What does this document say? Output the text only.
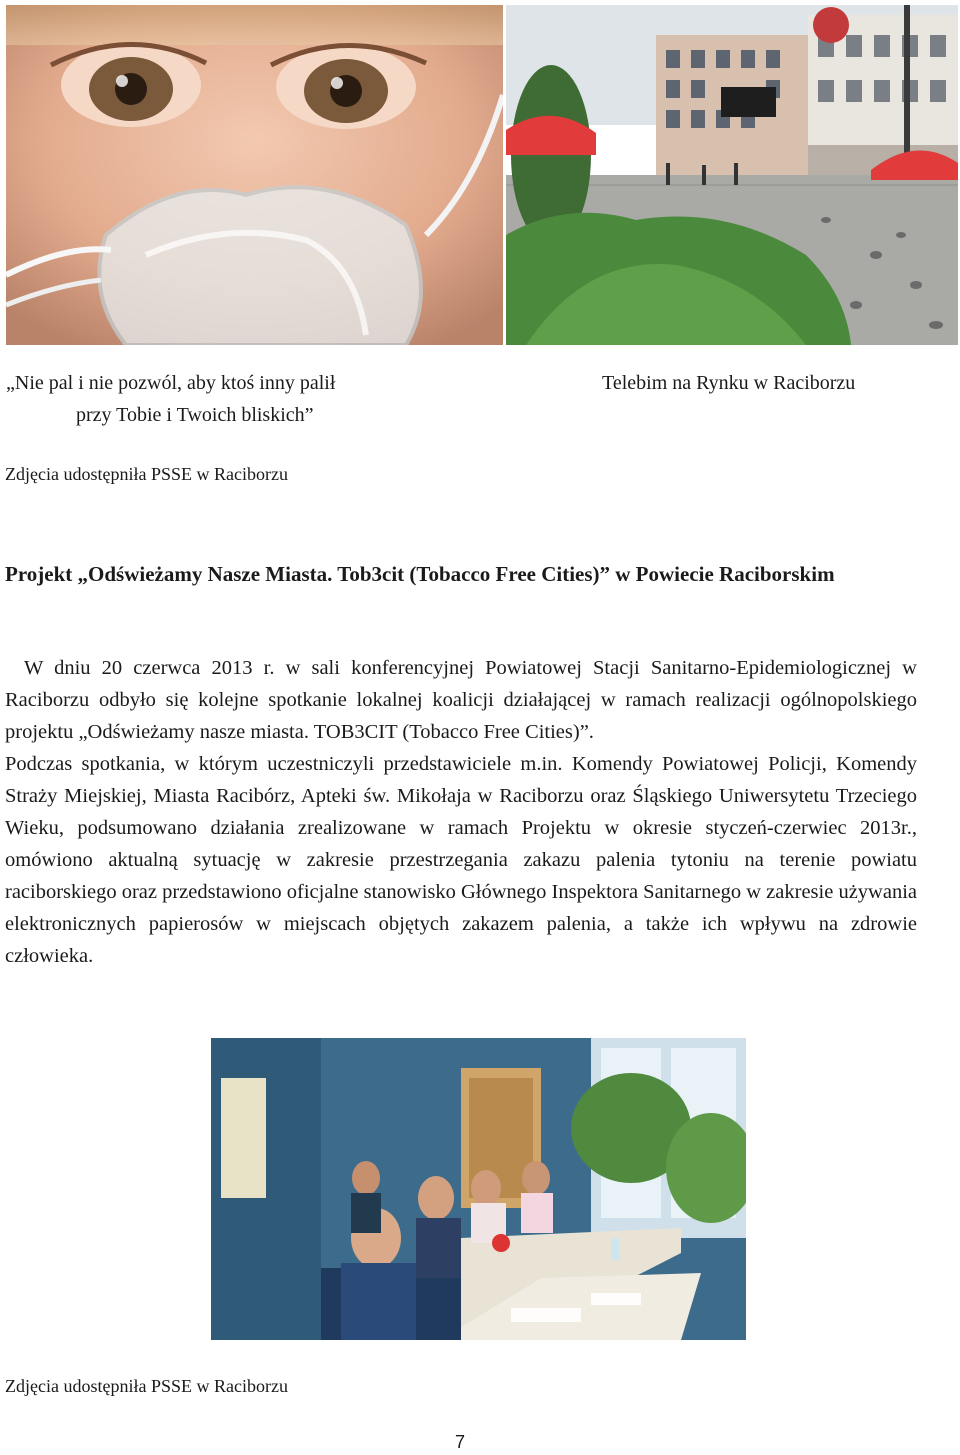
„Nie pal i nie pozwól, aby ktoś inny palił
przy Tobie i Twoich bliskich”
Telebim na Rynku w Raciborzu
Zdjęcia udostępniła PSSE w Raciborzu
Projekt „Odświeżamy Nasze Miasta. Tob3cit (Tobacco Free Cities)” w Powiecie Raciborskim

W dniu 20 czerwca 2013 r. w sali konferencyjnej Powiatowej Stacji Sanitarno-Epidemiologicznej w Raciborzu odbyło się kolejne spotkanie lokalnej koalicji działającej w ramach realizacji ogólnopolskiego projektu „Odświeżamy nasze miasta. TOB3CIT (Tobacco Free Cities)”.

Podczas spotkania, w którym uczestniczyli przedstawiciele m.in. Komendy Powiatowej Policji, Komendy Straży Miejskiej, Miasta Racibórz, Apteki św. Mikołaja w Raciborzu oraz Śląskiego Uniwersytetu Trzeciego Wieku, podsumowano działania zrealizowane w ramach Projektu w okresie styczeń-czerwiec 2013r., omówiono aktualną sytuację w zakresie przestrzegania zakazu palenia tytoniu na terenie powiatu raciborskiego oraz przedstawiono oficjalne stanowisko Głównego Inspektora Sanitarnego w zakresie używania elektronicznych papierosów w miejscach objętych zakazem palenia, a także ich wpływu na zdrowie człowieka.

Zdjęcia udostępniła PSSE w Raciborzu
7
